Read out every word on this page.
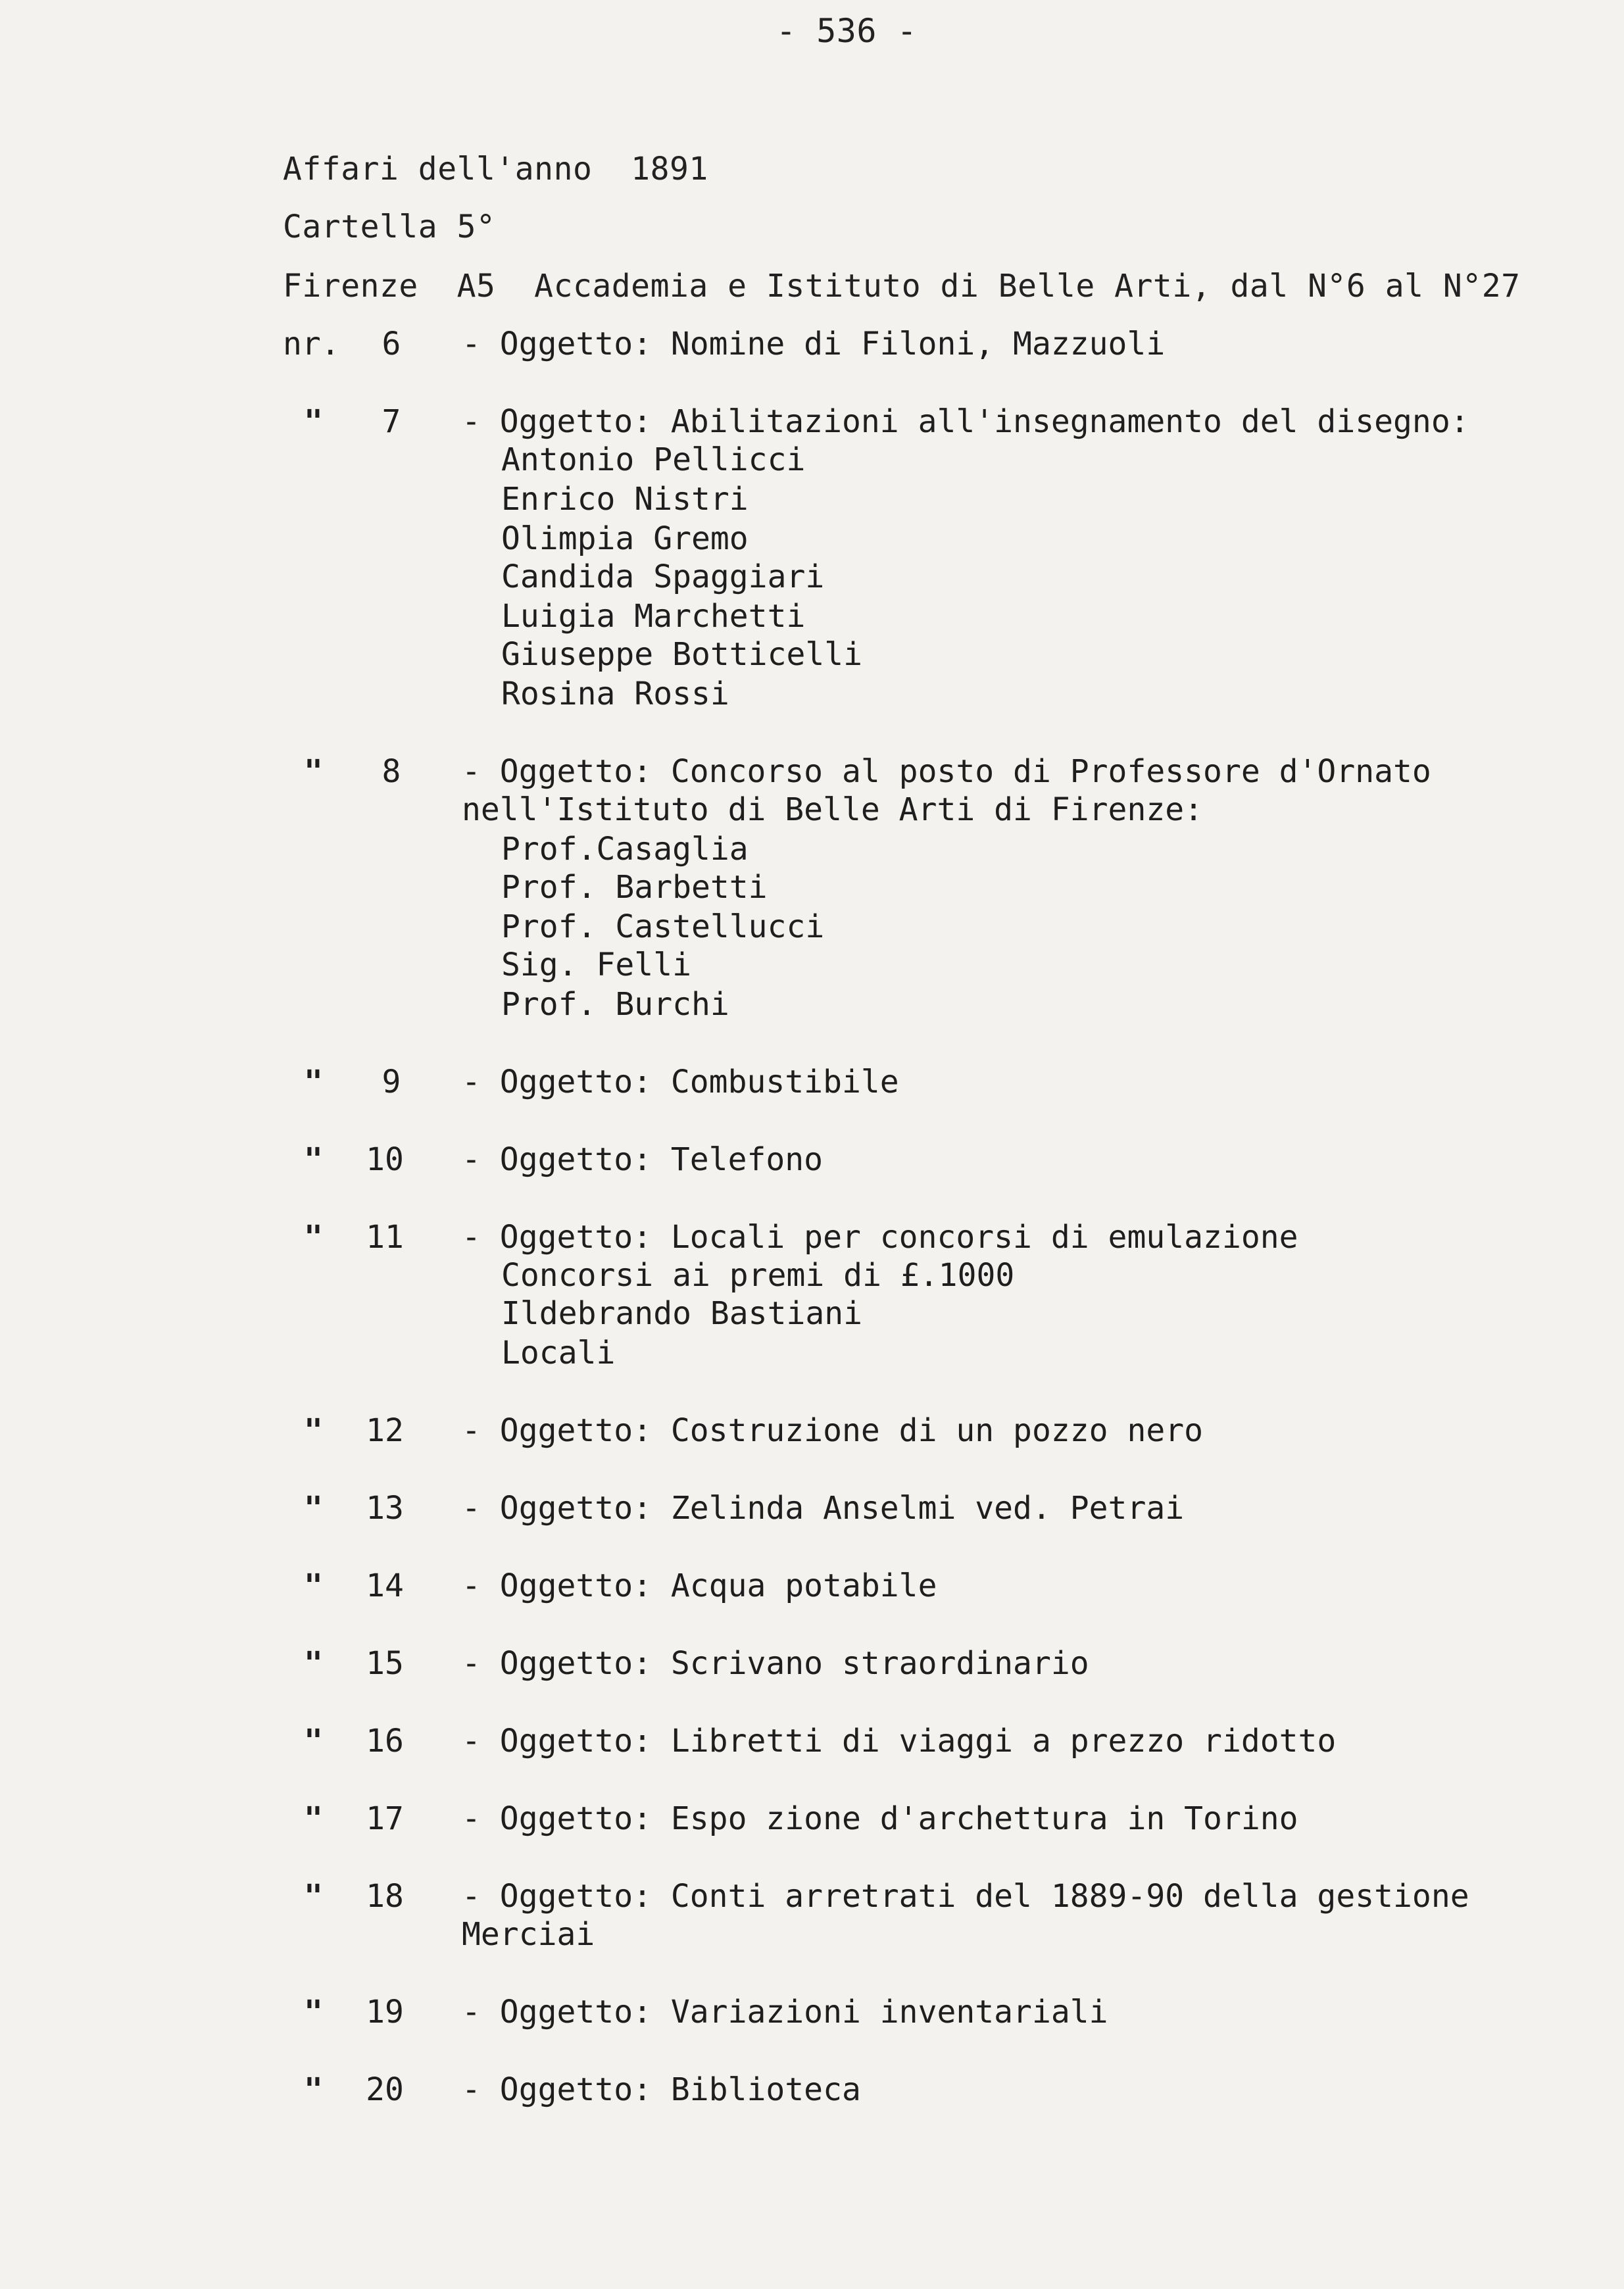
- 536 -
Affari dell'anno  1891
Cartella 5°
Firenze  A5  Accademia e Istituto di Belle Arti, dal N°6 al N°27
nr.	6	- Oggetto: Nomine di Filoni, Mazzuoli
"	7	- Oggetto: Abilitazioni all'insegnamento del disegno:
Antonio Pellicci
Enrico Nistri
Olimpia Gremo
Candida Spaggiari
Luigia Marchetti
Giuseppe Botticelli
Rosina Rossi
"	8	- Oggetto: Concorso al posto di Professore d'Ornato
nell'Istituto di Belle Arti di Firenze:
Prof.Casaglia
Prof. Barbetti
Prof. Castellucci
Sig. Felli
Prof. Burchi
"	9	- Oggetto: Combustibile
"	10	- Oggetto: Telefono
"	11	- Oggetto: Locali per concorsi di emulazione
Concorsi ai premi di £.1000
Ildebrando Bastiani
Locali
"	12	- Oggetto: Costruzione di un pozzo nero
"	13	- Oggetto: Zelinda Anselmi ved. Petrai
"	14	- Oggetto: Acqua potabile
"	15	- Oggetto: Scrivano straordinario
"	16	- Oggetto: Libretti di viaggi a prezzo ridotto
"	17	- Oggetto: Espo zione d'archettura in Torino
"	18	- Oggetto: Conti arretrati del 1889-90 della gestione
Merciai
"	19	- Oggetto: Variazioni inventariali
"	20	- Oggetto: Biblioteca
